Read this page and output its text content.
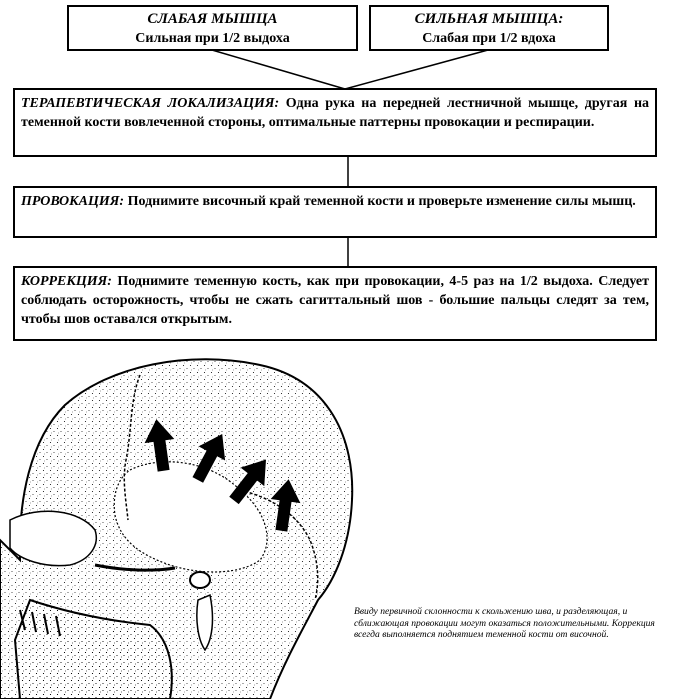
СЛАБАЯ МЫШЦА
Сильная при 1/2 выдоха
СИЛЬНАЯ МЫШЦА:
Слабая при 1/2 вдоха
ТЕРАПЕВТИЧЕСКАЯ ЛОКАЛИЗАЦИЯ: Одна рука на передней лестничной мышце, другая на теменной кости вовлеченной стороны, оптимальные паттерны провокации и респирации.
ПРОВОКАЦИЯ: Поднимите височный край теменной кости и проверьте изменение силы мышц.
КОРРЕКЦИЯ: Поднимите теменную кость, как при провокации, 4-5 раз на 1/2 выдоха. Следует соблюдать осторожность, чтобы не сжать сагиттальный шов - большие пальцы следят за тем, чтобы шов оставался открытым.
Ввиду первичной склонности к скольжению шва, и разделяющая, и сближающая провокации могут оказаться положительными. Коррекция всегда выполняется поднятием теменной кости от височной.
